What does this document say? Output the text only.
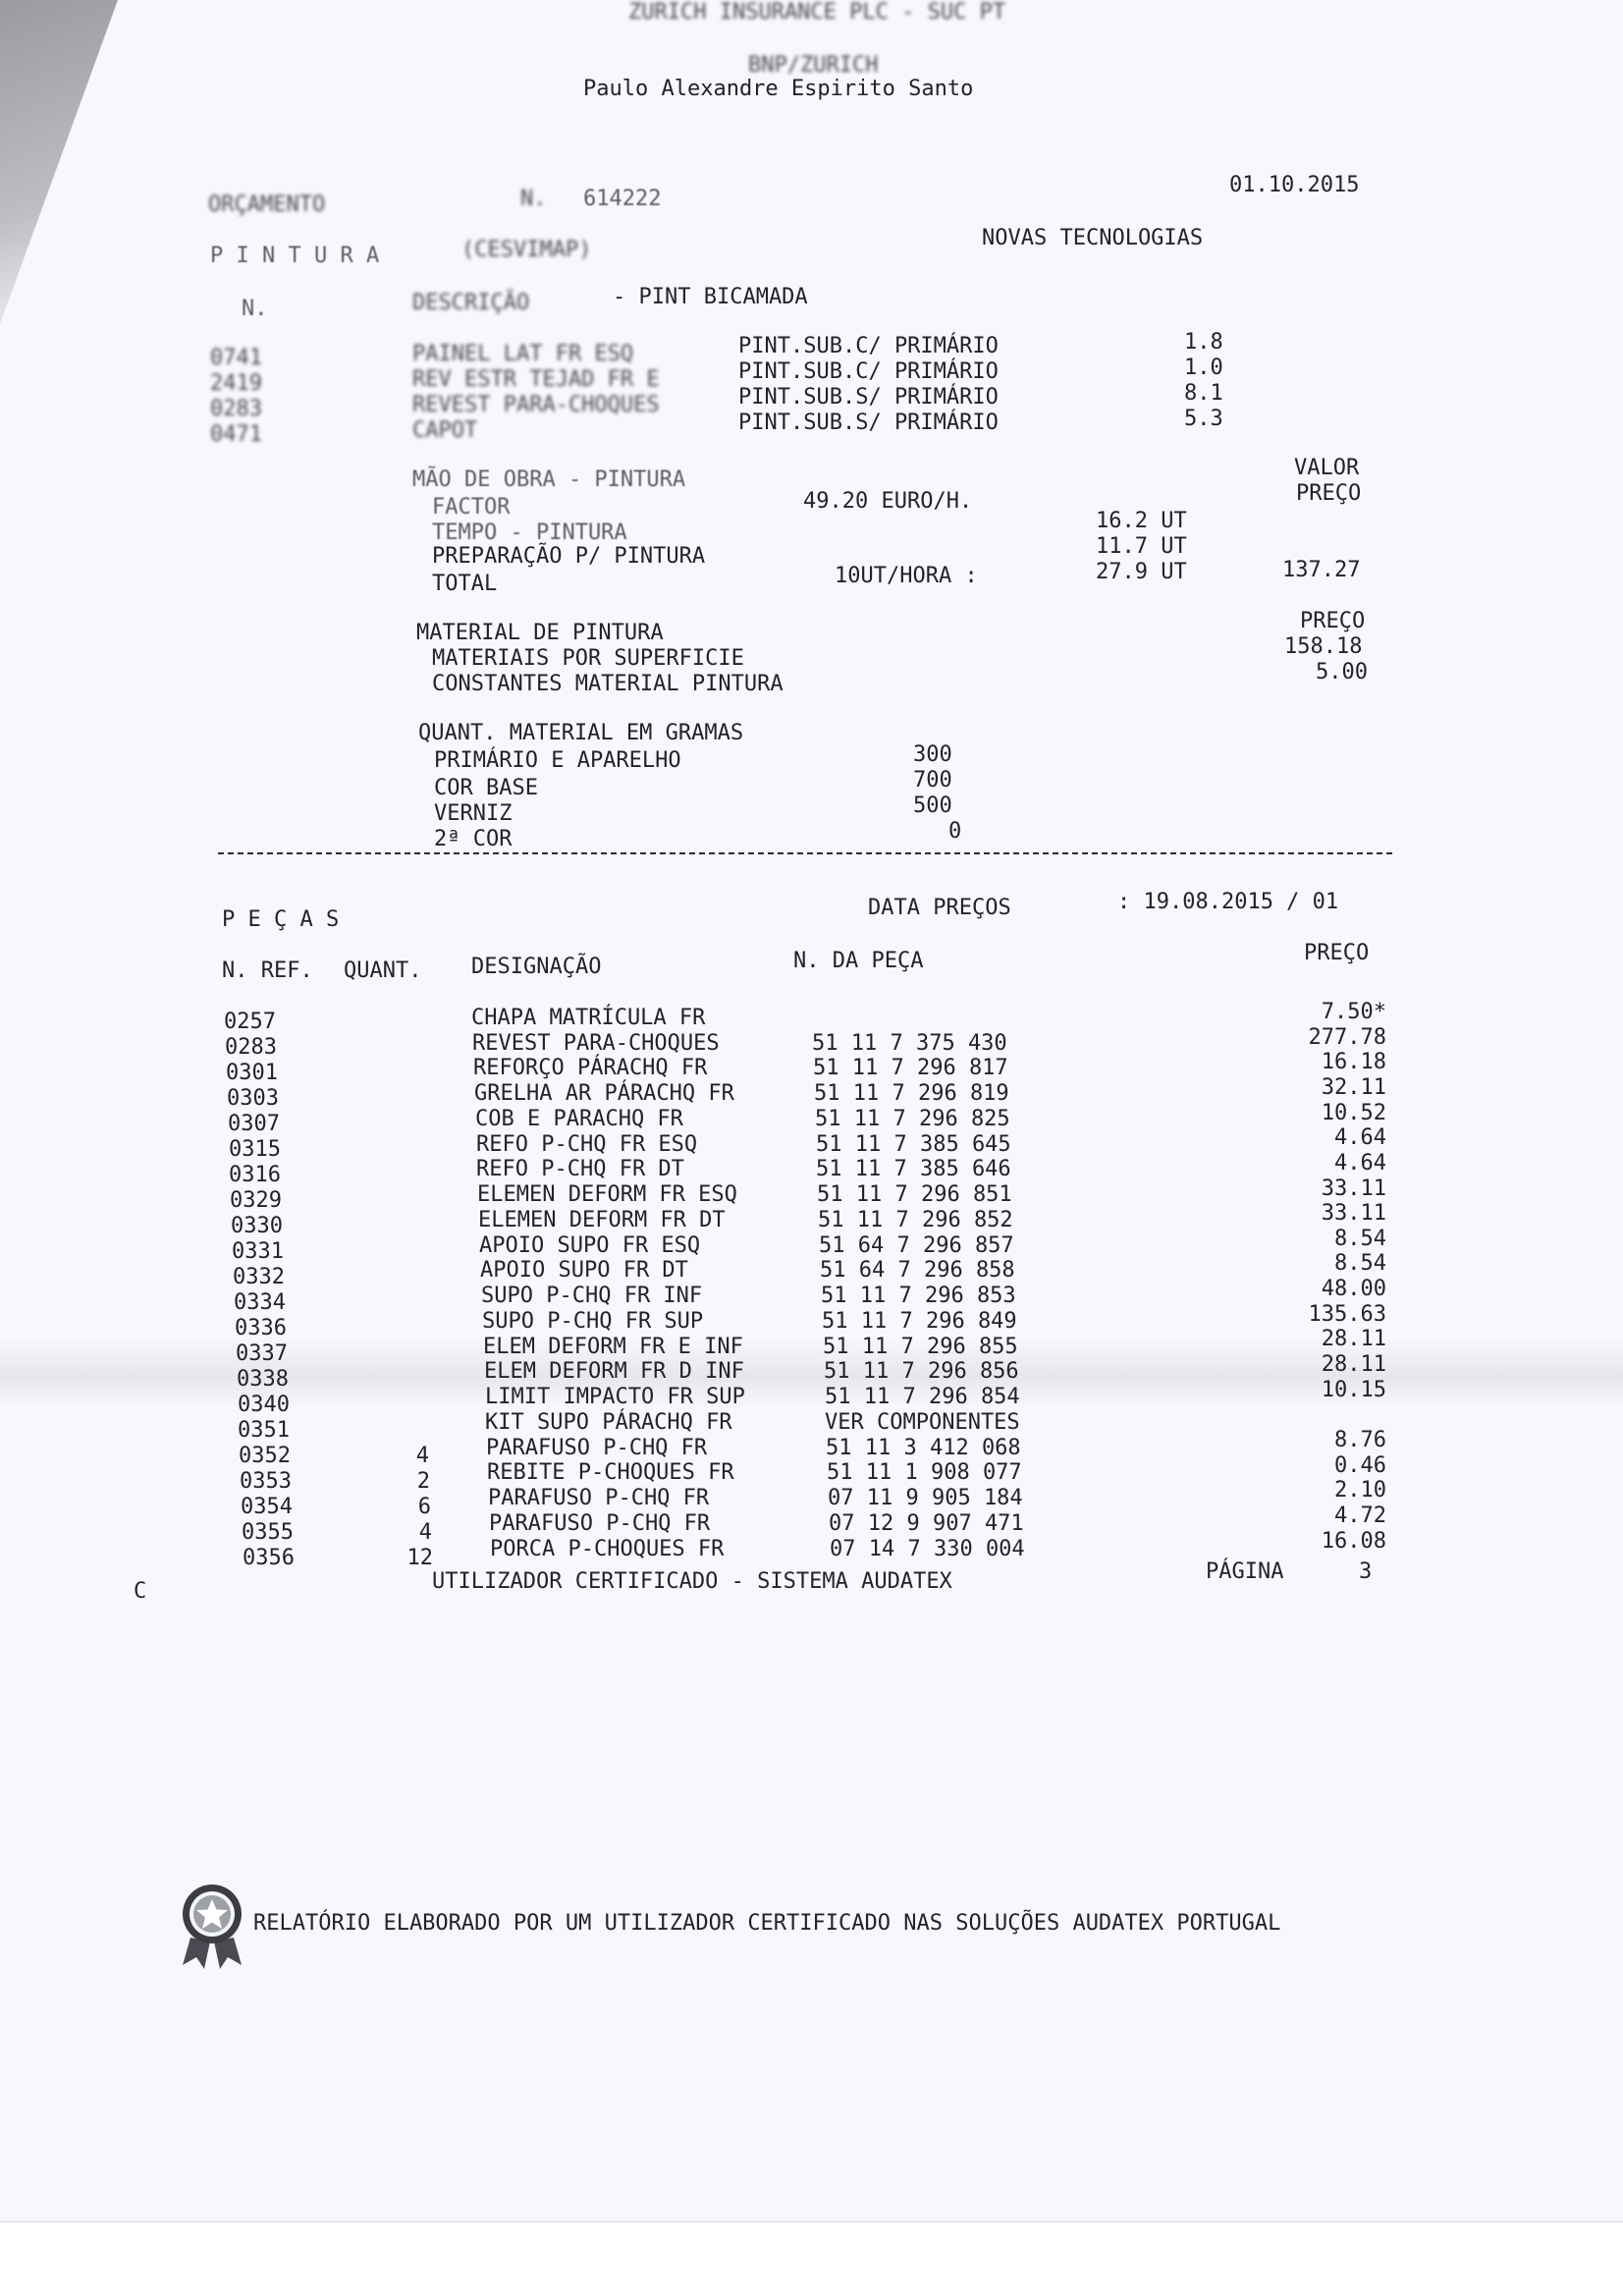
ZURICH INSURANCE PLC - SUC PT
BNP/ZURICH
Paulo Alexandre Espirito Santo
ORÇAMENTO	N. 614222
01.10.2015
P I N T U R A	(CESVIMAP)	NOVAS TECNOLOGIAS
N.	DESCRIÇÃO	- PINT BICAMADA
0741	PAINEL LAT FR ESQ	PINT.SUB.C/ PRIMÁRIO	1.8
2419	REV ESTR TEJAD FR E	PINT.SUB.C/ PRIMÁRIO	1.0
0283	REVEST PARA-CHOQUES	PINT.SUB.S/ PRIMÁRIO	8.1
0471	CAPOT	PINT.SUB.S/ PRIMÁRIO	5.3
MÃO DE OBRA - PINTURA
FACTOR	49.20 EURO/H.
VALOR
PREÇO
TEMPO - PINTURA	16.2 UT
PREPARAÇÃO P/ PINTURA	11.7 UT
TOTAL	10UT/HORA :	27.9 UT	137.27
MATERIAL DE PINTURA	PREÇO
MATERIAIS POR SUPERFICIE	158.18
CONSTANTES MATERIAL PINTURA	5.00
QUANT. MATERIAL EM GRAMAS
PRIMÁRIO E APARELHO	300
COR BASE	700
VERNIZ	500
2ª COR	0
P E Ç A S	DATA PREÇOS	: 19.08.2015 / 01
N. REF. QUANT. DESIGNAÇÃO	N. DA PEÇA	PREÇO
0257	CHAPA MATRÍCULA FR	7.50*
0283	REVEST PARA-CHOQUES	51 11 7 375 430	277.78
0301	REFORÇO PÁRACHQ FR	51 11 7 296 817	16.18
0303	GRELHA AR PÁRACHQ FR	51 11 7 296 819	32.11
0307	COB E PARACHQ FR	51 11 7 296 825	10.52
0315	REFO P-CHQ FR ESQ	51 11 7 385 645	4.64
0316	REFO P-CHQ FR DT	51 11 7 385 646	4.64
0329	ELEMEN DEFORM FR ESQ	51 11 7 296 851	33.11
0330	ELEMEN DEFORM FR DT	51 11 7 296 852	33.11
0331	APOIO SUPO FR ESQ	51 64 7 296 857	8.54
0332	APOIO SUPO FR DT	51 64 7 296 858	8.54
0334	SUPO P-CHQ FR INF	51 11 7 296 853	48.00
0336	SUPO P-CHQ FR SUP	51 11 7 296 849	135.63
0337	ELEM DEFORM FR E INF	51 11 7 296 855	28.11
0338	ELEM DEFORM FR D INF	51 11 7 296 856	28.11
0340	LIMIT IMPACTO FR SUP	51 11 7 296 854	10.15
0351	KIT SUPO PÁRACHQ FR	VER COMPONENTES
0352	4	PARAFUSO P-CHQ FR	51 11 3 412 068	8.76
0353	2	REBITE P-CHOQUES FR	51 11 1 908 077	0.46
0354	6	PARAFUSO P-CHQ FR	07 11 9 905 184	2.10
0355	4	PARAFUSO P-CHQ FR	07 12 9 907 471	4.72
0356	12	PORCA P-CHOQUES FR	07 14 7 330 004	16.08
UTILIZADOR CERTIFICADO - SISTEMA AUDATEX	PÁGINA	3
C
RELATÓRIO ELABORADO POR UM UTILIZADOR CERTIFICADO NAS SOLUÇÕES AUDATEX PORTUGAL
